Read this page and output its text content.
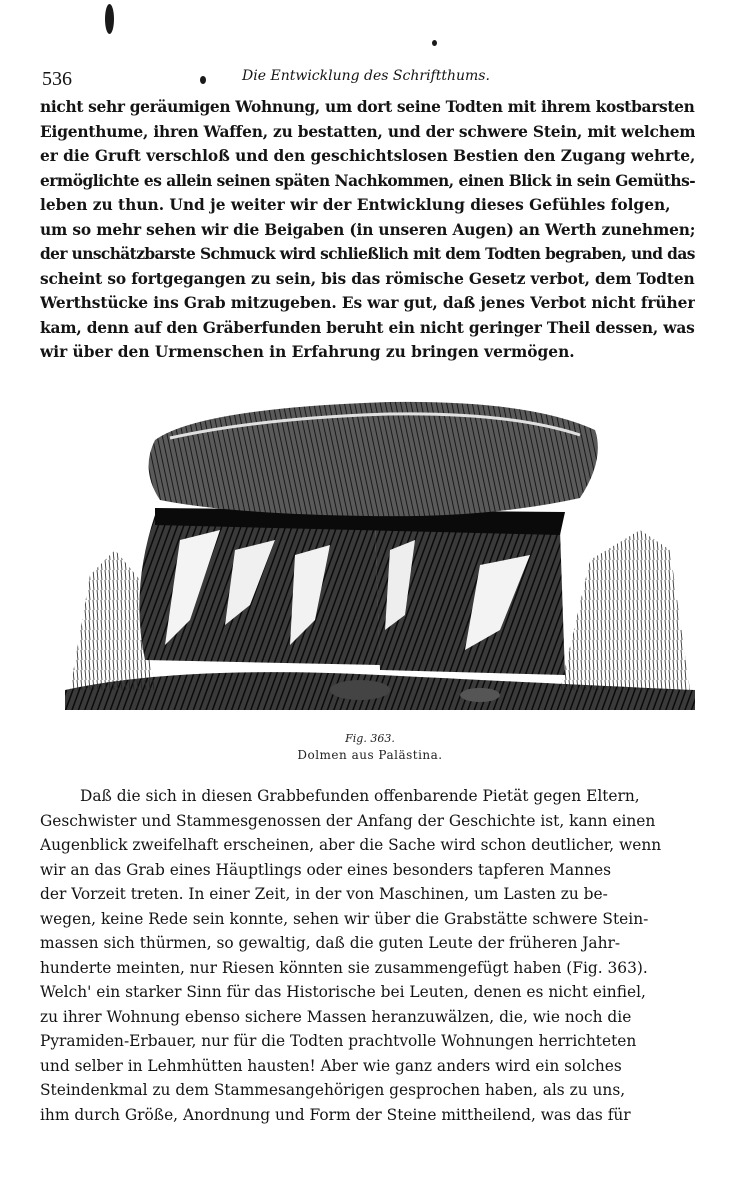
536	Die Entwicklung des Schriftthums.
nicht sehr geräumigen Wohnung, um dort seine Todten mit ihrem kostbarsten
Eigenthume, ihren Waffen, zu bestatten, und der schwere Stein, mit welchem
er die Gruft verschloß und den geschichtslosen Bestien den Zugang wehrte,
ermöglichte es allein seinen späten Nachkommen, einen Blick in sein Gemüths-
leben zu thun. Und je weiter wir der Entwicklung dieses Gefühles folgen,
um so mehr sehen wir die Beigaben (in unseren Augen) an Werth zunehmen;
der unschätzbarste Schmuck wird schließlich mit dem Todten begraben, und das
scheint so fortgegangen zu sein, bis das römische Gesetz verbot, dem Todten
Werthstücke ins Grab mitzugeben. Es war gut, daß jenes Verbot nicht früher
kam, denn auf den Gräberfunden beruht ein nicht geringer Theil dessen, was
wir über den Urmenschen in Erfahrung zu bringen vermögen.
Fig. 363.
Dolmen aus Palästina.
Daß die sich in diesen Grabbefunden offenbarende Pietät gegen Eltern,
Geschwister und Stammesgenossen der Anfang der Geschichte ist, kann einen
Augenblick zweifelhaft erscheinen, aber die Sache wird schon deutlicher, wenn
wir an das Grab eines Häuptlings oder eines besonders tapferen Mannes
der Vorzeit treten. In einer Zeit, in der von Maschinen, um Lasten zu be-
wegen, keine Rede sein konnte, sehen wir über die Grabstätte schwere Stein-
massen sich thürmen, so gewaltig, daß die guten Leute der früheren Jahr-
hunderte meinten, nur Riesen könnten sie zusammengefügt haben (Fig. 363).
Welch' ein starker Sinn für das Historische bei Leuten, denen es nicht einfiel,
zu ihrer Wohnung ebenso sichere Massen heranzuwälzen, die, wie noch die
Pyramiden-Erbauer, nur für die Todten prachtvolle Wohnungen herrichteten
und selber in Lehmhütten hausten! Aber wie ganz anders wird ein solches
Steindenkmal zu dem Stammesangehörigen gesprochen haben, als zu uns,
ihm durch Größe, Anordnung und Form der Steine mittheilend, was das für
